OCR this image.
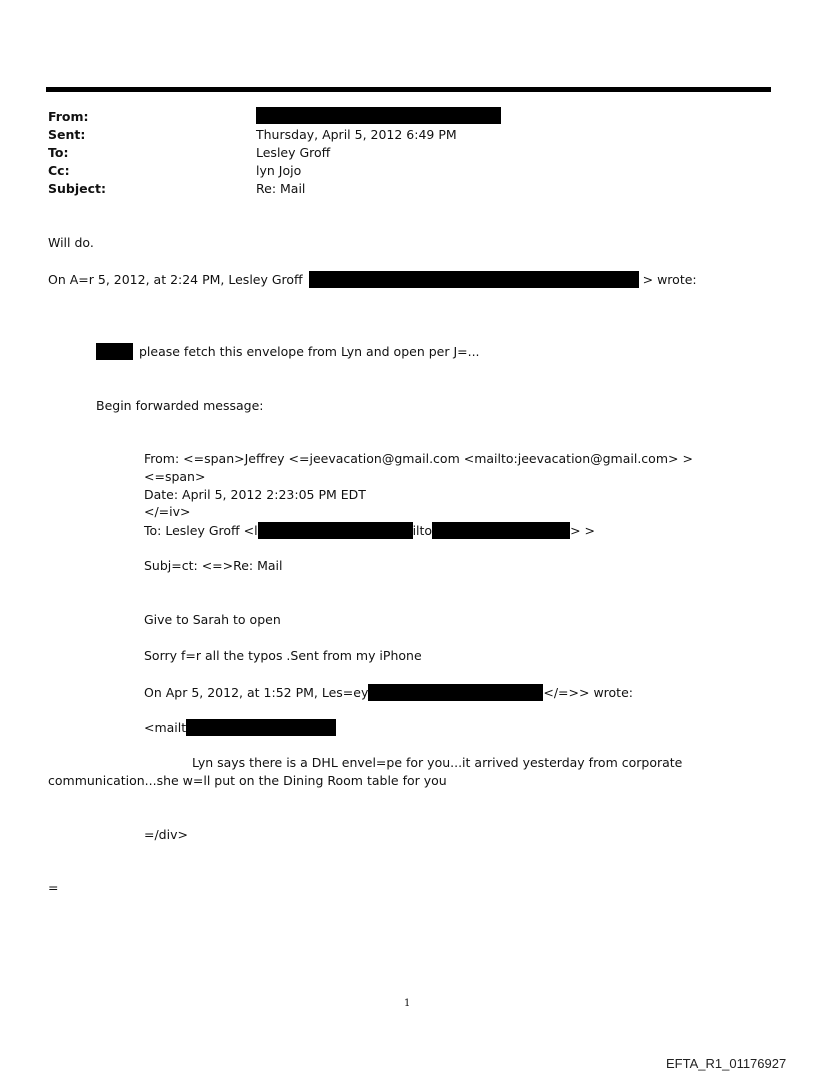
From:
Sent:	Thursday, April 5, 2012 6:49 PM
To:	Lesley Groff
Cc:	lyn Jojo
Subject:	Re: Mail
Will do.
On A=r 5, 2012, at 2:24 PM, Lesley Groff	> wrote:
please fetch this envelope from Lyn and open per J=...
Begin forwarded message:
From: <=span>Jeffrey <=jeevacation@gmail.com <mailto:jeevacation@gmail.com> >
<=span>
Date: April 5, 2012 2:23:05 PM EDT
</=iv>
To: Lesley Groff <l	ilto	> >
Subj=ct: <=>Re: Mail
Give to Sarah to open
Sorry f=r all the typos .Sent from my iPhone
On Apr 5, 2012, at 1:52 PM, Les=ey	</=>> wrote:
<mailt
Lyn says there is a DHL envel=pe for you...it arrived yesterday from corporate
communication...she w=ll put on the Dining Room table for you
=/div>
=
1
EFTA_R1_01176927
